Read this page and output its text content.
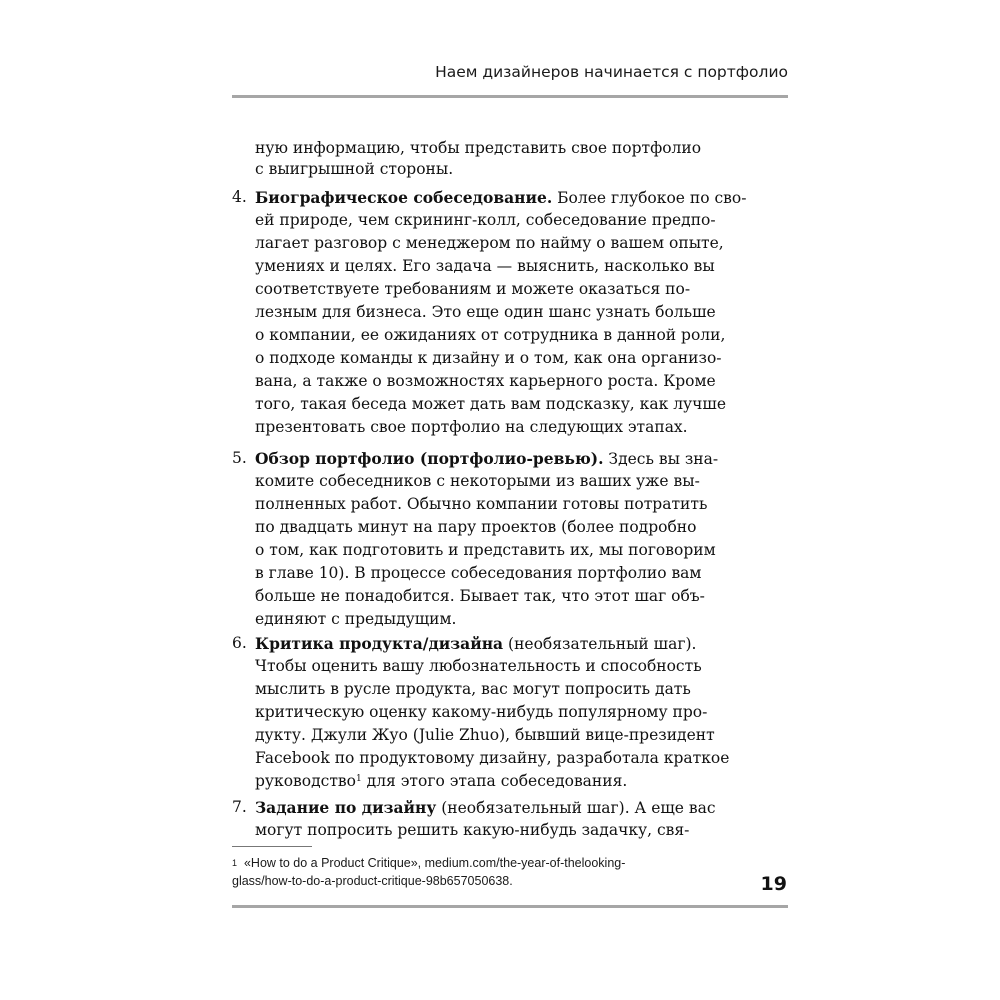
Наем дизайнеров начинается с портфолио
ную информацию, чтобы представить свое портфолио
с выигрышной стороны.
4. Биографическое собеседование. Более глубокое по сво-
ей природе, чем скрининг-колл, собеседование предпо-
лагает разговор с менеджером по найму о вашем опыте,
умениях и целях. Его задача — выяснить, насколько вы
соответствуете требованиям и можете оказаться по-
лезным для бизнеса. Это еще один шанс узнать больше
о компании, ее ожиданиях от сотрудника в данной роли,
о подходе команды к дизайну и о том, как она организо-
вана, а также о возможностях карьерного роста. Кроме
того, такая беседа может дать вам подсказку, как лучше
презентовать свое портфолио на следующих этапах.
5. Обзор портфолио (портфолио-ревью). Здесь вы зна-
комите собеседников с некоторыми из ваших уже вы-
полненных работ. Обычно компании готовы потратить
по двадцать минут на пару проектов (более подробно
о том, как подготовить и представить их, мы поговорим
в главе 10). В процессе собеседования портфолио вам
больше не понадобится. Бывает так, что этот шаг объ-
единяют с предыдущим.
6. Критика продукта/дизайна (необязательный шаг).
Чтобы оценить вашу любознательность и способность
мыслить в русле продукта, вас могут попросить дать
критическую оценку какому-нибудь популярному про-
дукту. Джули Жуо (Julie Zhuo), бывший вице-президент
Facebook по продуктовому дизайну, разработала краткое
руководство$^1$ для этого этапа собеседования.
7. Задание по дизайну (необязательный шаг). А еще вас
могут попросить решить какую-нибудь задачку, свя-
$^1$ «How to do a Product Critique», medium.com/the-year-of-thelooking-
glass/how-to-do-a-product-critique-98b657050638.	19
